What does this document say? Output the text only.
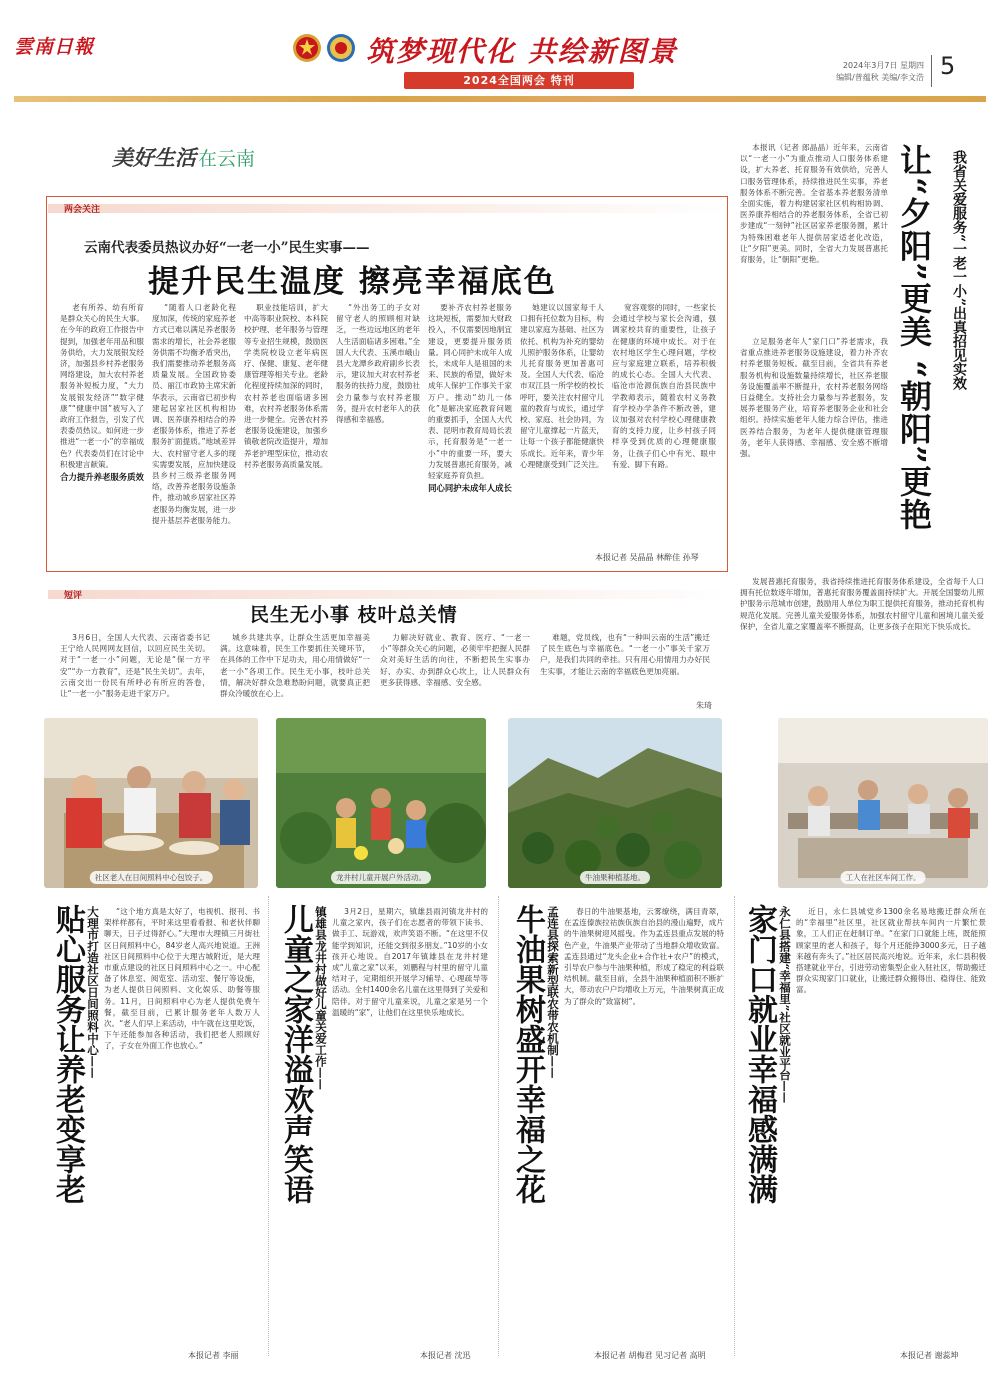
雲南日報	筑梦现代化 共绘新图景
2024全国两会 特刊
2024年3月7日 星期四
编辑/普蕴秋 美编/李文浩 5
美好生活 在云南
两会关注
云南代表委员热议办好“一老一小”民生实事——
提升民生温度 擦亮幸福底色

老有所养、幼有所育是群众关心的民生大事。在今年的政府工作报告中提到，加强老年用品和服务供给，大力发展银发经济，加强县乡村养老服务网络建设，加大农村养老服务补短板力度，“大力发展银发经济”“数字健康”“健康中国”被写入了政府工作报告，引发了代表委员热议。如何进一步推进“一老一小”的幸福成色？代表委员们在讨论中积极建言献策。

合力提升养老服务质效

“随着人口老龄化程度加深，传统的家庭养老方式已难以满足养老服务需求的增长，社会养老服务供需不均衡矛盾突出，我们需要推动养老服务高质量发展。全国政协委员、丽江市政协主席宋新华表示，云南省已初步构建起居家社区机构相协调、医养康养相结合的养老服务体系，推进了养老服务扩面提质。”地域差异大、农村留守老人多的现实需要发展，应加快建设县乡村三级养老服务网络，改善养老服务设施条件，推动城乡居家社区养老服务均衡发展，进一步提升基层养老服务能力。

职业技能培训，扩大中高等职业院校、本科院校护理、老年服务与管理等专业招生规模，鼓励医学类院校设立老年病医疗、保健、康复、老年健康管理等相关专业。老龄化程度持续加深的同时，农村养老也面临诸多困难，农村养老服务体系需进一步健全。完善农村养老服务设施建设，加强乡镇敬老院改造提升，增加养老护理型床位，推动农村养老服务高质量发展。

“外出务工的子女对留守老人的照顾相对缺乏，一些边远地区的老年人生活面临诸多困难。”全国人大代表、玉溪市峨山县大龙潭乡政府副乡长表示，建议加大对农村养老服务的扶持力度，鼓励社会力量参与农村养老服务，提升农村老年人的获得感和幸福感。

要补齐农村养老服务这块短板，需要加大财政投入，不仅需要因地制宜建设，更要提升服务质量。同心同护未成年人成长，未成年人是祖国的未来、民族的希望，做好未成年人保护工作事关千家万户。推动“幼儿一体化”是解决家庭教育问题的重要抓手，全国人大代表、昆明市教育局局长表示，托育服务是“一老一小”中的重要一环，要大力发展普惠托育服务，减轻家庭养育负担。

同心同护未成年人成长

她建议以国家每千人口拥有托位数为目标，构建以家庭为基础、社区为依托、机构为补充的婴幼儿照护服务体系，让婴幼儿托育服务更加普惠可及。全国人大代表、临沧市双江县一所学校的校长呼吁，要关注农村留守儿童的教育与成长，通过学校、家庭、社会协同，为留守儿童撑起一片蓝天，让每一个孩子都能健康快乐成长。近年来，青少年心理健康受到广泛关注。

宽容观察的同时，一些家长会通过学校与家长会沟通，强调家校共育的重要性，让孩子在健康的环境中成长。对于在农村地区学生心理问题，学校应与家庭建立联系，培养积极的成长心态。全国人大代表、临沧市沧源佤族自治县民族中学教师表示，随着农村义务教育学校办学条件不断改善，建议加强对农村学校心理健康教育的支持力度，让乡村孩子同样享受到优质的心理健康服务，让孩子们心中有光、眼中有爱、脚下有路。

本报记者 吴晶晶 林醉佳 孙琴
让“夕阳”更美 “朝阳”更艳 我省关爱服务“一老一小”出真招见实效

本报讯（记者 郎晶晶）近年来，云南省以“一老一小”为重点推动人口服务体系建设，扩大养老、托育服务有效供给，完善人口服务管理体系，持续推进民生实事，养老服务体系不断完善。全省基本养老服务清单全面实施，着力构建居家社区机构相协调、医养康养相结合的养老服务体系，全省已初步建成“一刻钟”社区居家养老服务圈，累计为特殊困难老年人提供居家适老化改造，让“夕阳”更美。同时，全省大力发展普惠托育服务，让“朝阳”更艳。

立足服务老年人“家门口”养老需求，我省重点推进养老服务设施建设，着力补齐农村养老服务短板。截至目前，全省共有养老服务机构和设施数量持续增长，社区养老服务设施覆盖率不断提升，农村养老服务网络日益健全。支持社会力量参与养老服务，发展养老服务产业，培育养老服务企业和社会组织。持续实施老年人能力综合评估，推进医养结合服务，为老年人提供健康管理服务，老年人获得感、幸福感、安全感不断增强。

发展普惠托育服务，我省持续推进托育服务体系建设，全省每千人口拥有托位数逐年增加，普惠托育服务覆盖面持续扩大。开展全国婴幼儿照护服务示范城市创建，鼓励用人单位为职工提供托育服务，推动托育机构规范化发展。完善儿童关爱服务体系，加强农村留守儿童和困境儿童关爱保护，全省儿童之家覆盖率不断提高，让更多孩子在阳光下快乐成长。

短评
民生无小事 枝叶总关情

3月6日，全国人大代表、云南省委书记王宁给人民网网友回信，以回应民生关切。对于“一老一小”问题，无论是“保一方平安”“办一方教育”，还是“民生关切”。去年，云南交出一份民有所呼必有所应的答卷，让“一老一小”服务走进千家万户。

城乡共建共享，让群众生活更加幸福美满。这意味着，民生工作要抓住关键环节，在具体的工作中下足功夫，用心用情做好“一老一小”各项工作。民生无小事，枝叶总关情，解决好群众急难愁盼问题，就要真正把群众冷暖放在心上。

力解决好就业、教育、医疗、“一老一小”等群众关心的问题，必须牢牢把握人民群众对美好生活的向往，不断把民生实事办好、办实、办到群众心坎上，让人民群众有更多获得感、幸福感、安全感。

难题，党员线，也有“一种叫云南的生活”搬迁了民生底色与幸福底色。“一老一小”事关千家万户，是我们共同的牵挂。只有用心用情用力办好民生实事，才能让云南的幸福底色更加亮丽。

朱琦
社区老人在日间照料中心包饺子。	龙井村儿童开展户外活动。	牛油果种植基地。	工人在社区车间工作。
贴心服务让养老变享老 大理市打造社区日间照料中心——	“这个地方真是太好了，电视机、报刊、书架样样都有，平时来这里看看报、和老伙伴聊聊天，日子过得舒心。”大理市大理镇三月街社区日间照料中心，84岁老人高兴地说道。王洲社区日间照料中心位于大理古城附近，是大理市重点建设的社区日间照料中心之一。中心配备了休息室、阅览室、活动室、餐厅等设施，为老人提供日间照料、文化娱乐、助餐等服务。11月，日间照料中心为老人提供免费午餐，截至目前，已累计服务老年人数万人次。“老人们早上来活动，中午就在这里吃饭，下午还能参加各种活动，我们把老人照顾好了，子女在外面工作也放心。”

本报记者 李丽
儿童之家洋溢欢声笑语 镇雄县龙井村做好儿童关爱工作——	3月2日，星期六，镇雄县雨河镇龙井村的儿童之家内，孩子们在志愿者的带领下读书、做手工、玩游戏，欢声笑语不断。“在这里不仅能学到知识，还能交到很多朋友。”10岁的小女孩开心地说。自2017年镇雄县在龙井村建成“儿童之家”以来，刘鹏程与村里的留守儿童结对子，定期组织开展学习辅导、心理疏导等活动。全村1400余名儿童在这里得到了关爱和陪伴。对于留守儿童来说，儿童之家是另一个温暖的“家”，让他们在这里快乐地成长。

本报记者 沈迅
牛油果树盛开幸福之花 孟连县探索新型联农带农机制——	春日的牛油果基地，云雾缭绕，满目青翠，在孟连傣族拉祜族佤族自治县的漫山遍野，成片的牛油果树迎风摇曳。作为孟连县重点发展的特色产业，牛油果产业带动了当地群众增收致富。孟连县通过“龙头企业+合作社+农户”的模式，引导农户参与牛油果种植，形成了稳定的利益联结机制。截至目前，全县牛油果种植面积不断扩大，带动农户户均增收上万元，牛油果树真正成为了群众的“致富树”。

本报记者 胡梅君 见习记者 高明
家门口就业幸福感满满 永仁县搭建“幸福里”社区就业平台——	近日，永仁县城党乡1300余名易地搬迁群众所在的“幸福里”社区里，社区就业帮扶车间内一片繁忙景象，工人们正在赶制订单。“在家门口就能上班，既能照顾家里的老人和孩子，每个月还能挣3000多元，日子越来越有奔头了。”社区居民高兴地说。近年来，永仁县积极搭建就业平台，引进劳动密集型企业入驻社区，帮助搬迁群众实现家门口就业，让搬迁群众搬得出、稳得住、能致富。

本报记者 谢蕊坤
